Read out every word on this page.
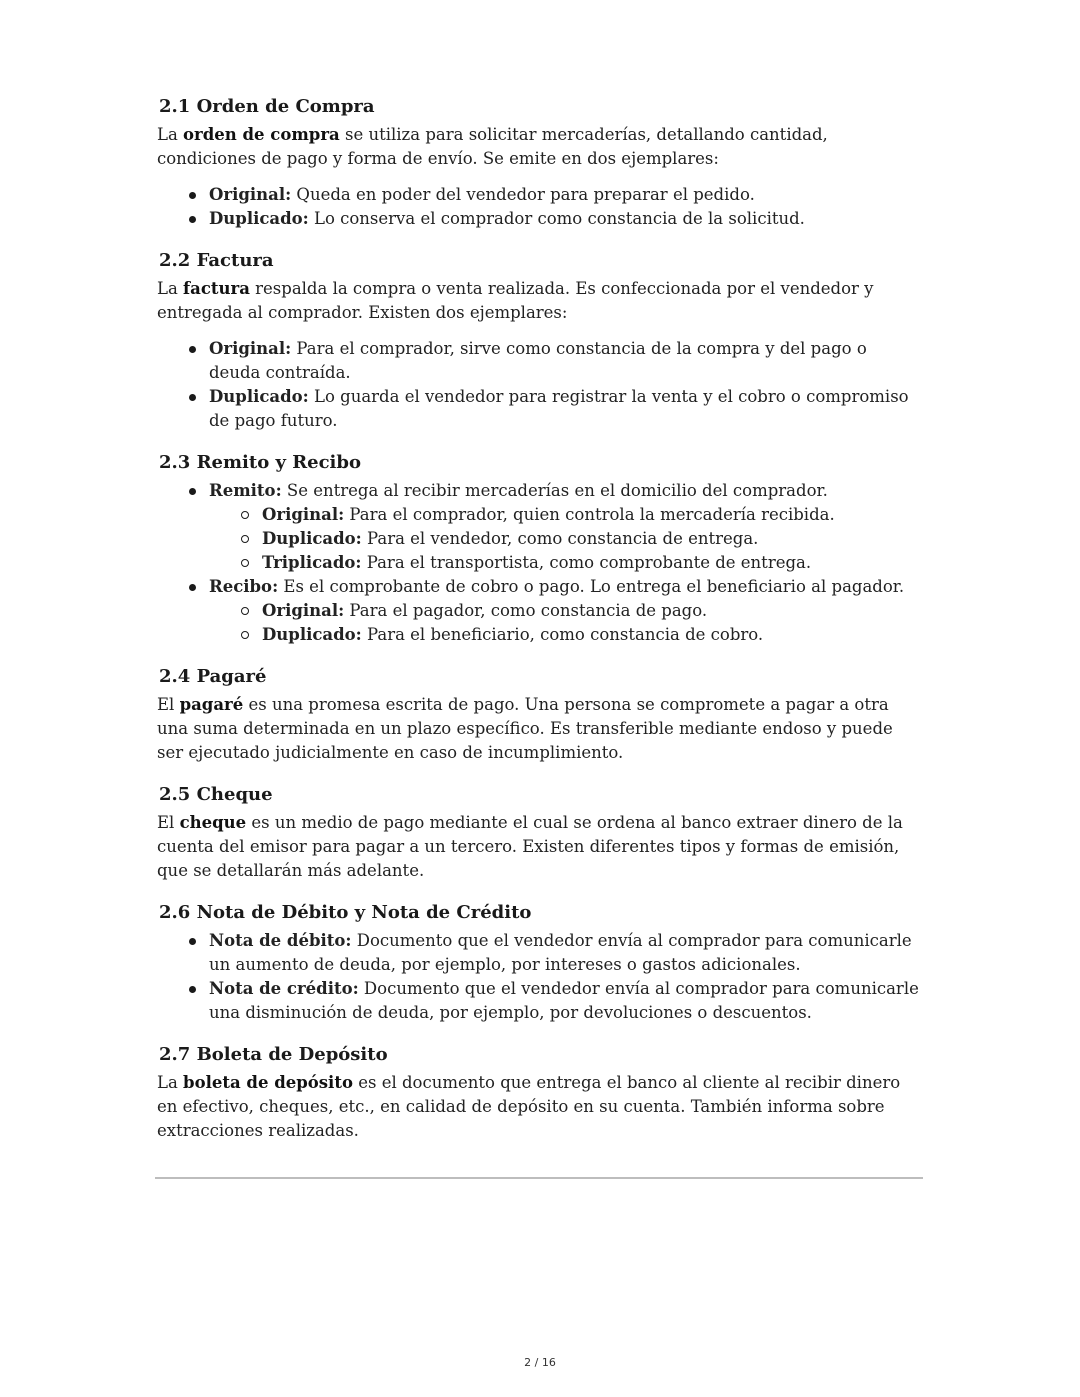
2.1 Orden de Compra

La orden de compra se utiliza para solicitar mercaderías, detallando cantidad, condiciones de pago y forma de envío. Se emite en dos ejemplares:

Original: Queda en poder del vendedor para preparar el pedido.
Duplicado: Lo conserva el comprador como constancia de la solicitud.
2.2 Factura

La factura respalda la compra o venta realizada. Es confeccionada por el vendedor y entregada al comprador. Existen dos ejemplares:

Original: Para el comprador, sirve como constancia de la compra y del pago o deuda contraída.
Duplicado: Lo guarda el vendedor para registrar la venta y el cobro o compromiso de pago futuro.
2.3 Remito y Recibo
Remito: Se entrega al recibir mercaderías en el domicilio del comprador.
Original: Para el comprador, quien controla la mercadería recibida.
Duplicado: Para el vendedor, como constancia de entrega.
Triplicado: Para el transportista, como comprobante de entrega.
Recibo: Es el comprobante de cobro o pago. Lo entrega el beneficiario al pagador.
Original: Para el pagador, como constancia de pago.
Duplicado: Para el beneficiario, como constancia de cobro.
2.4 Pagaré

El pagaré es una promesa escrita de pago. Una persona se compromete a pagar a otra una suma determinada en un plazo específico. Es transferible mediante endoso y puede ser ejecutado judicialmente en caso de incumplimiento.

2.5 Cheque

El cheque es un medio de pago mediante el cual se ordena al banco extraer dinero de la cuenta del emisor para pagar a un tercero. Existen diferentes tipos y formas de emisión, que se detallarán más adelante.

2.6 Nota de Débito y Nota de Crédito
Nota de débito: Documento que el vendedor envía al comprador para comunicarle un aumento de deuda, por ejemplo, por intereses o gastos adicionales.
Nota de crédito: Documento que el vendedor envía al comprador para comunicarle una disminución de deuda, por ejemplo, por devoluciones o descuentos.
2.7 Boleta de Depósito

La boleta de depósito es el documento que entrega el banco al cliente al recibir dinero en efectivo, cheques, etc., en calidad de depósito en su cuenta. También informa sobre extracciones realizadas.

2 / 16
